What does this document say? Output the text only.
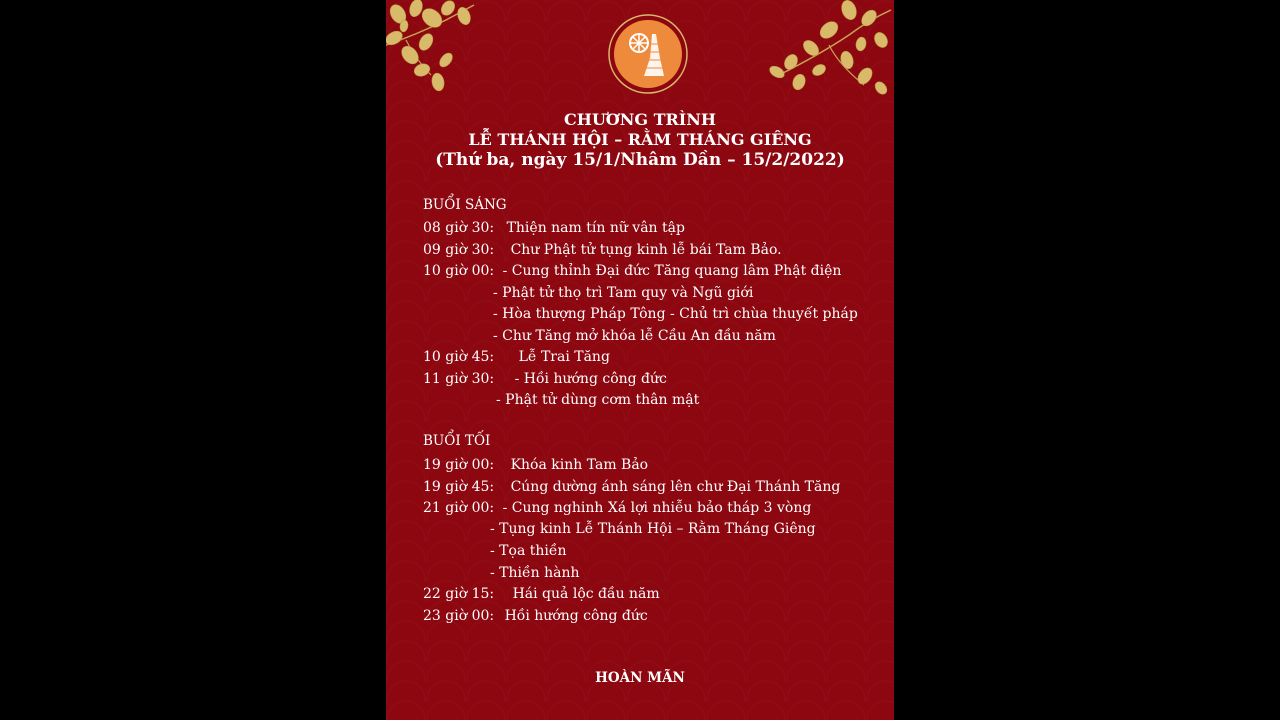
CHƯƠNG TRÌNH
LỄ THÁNH HỘI – RẰM THÁNG GIÊNG
(Thứ ba, ngày 15/1/Nhâm Dần – 15/2/2022)
BUỔI SÁNG
08 giờ 30: Thiện nam tín nữ vân tập
09 giờ 30: Chư Phật tử tụng kinh lễ bái Tam Bảo.
10 giờ 00: - Cung thỉnh Đại đức Tăng quang lâm Phật điện
- Phật tử thọ trì Tam quy và Ngũ giới
- Hòa thượng Pháp Tông - Chủ trì chùa thuyết pháp
- Chư Tăng mở khóa lễ Cầu An đầu năm
10 giờ 45: Lễ Trai Tăng
11 giờ 30: - Hồi hướng công đức
- Phật tử dùng cơm thân mật
BUỔI TỐI
19 giờ 00: Khóa kinh Tam Bảo
19 giờ 45: Cúng dường ánh sáng lên chư Đại Thánh Tăng
21 giờ 00: - Cung nghinh Xá lợi nhiễu bảo tháp 3 vòng
- Tụng kinh Lễ Thánh Hội – Rằm Tháng Giêng
- Tọa thiền
- Thiền hành
22 giờ 15: Hái quả lộc đầu năm
23 giờ 00: Hồi hướng công đức
HOÀN MÃN
